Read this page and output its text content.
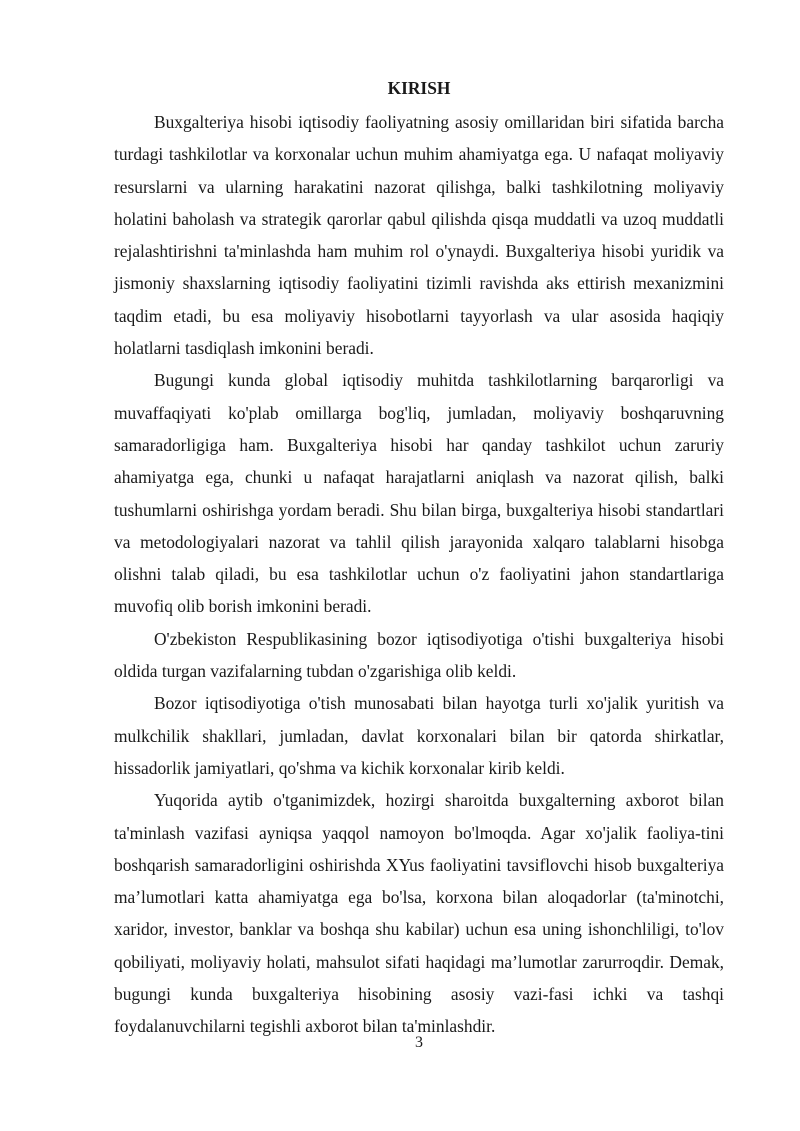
KIRISH

Buxgalteriya hisobi iqtisodiy faoliyatning asosiy omillaridan biri sifatida barcha turdagi tashkilotlar va korxonalar uchun muhim ahamiyatga ega. U nafaqat moliyaviy resurslarni va ularning harakatini nazorat qilishga, balki tashkilotning moliyaviy holatini baholash va strategik qarorlar qabul qilishda qisqa muddatli va uzoq muddatli rejalashtirishni ta'minlashda ham muhim rol o'ynaydi. Buxgalteriya hisobi yuridik va jismoniy shaxslarning iqtisodiy faoliyatini tizimli ravishda aks ettirish mexanizmini taqdim etadi, bu esa moliyaviy hisobotlarni tayyorlash va ular asosida haqiqiy holatlarni tasdiqlash imkonini beradi.

Bugungi kunda global iqtisodiy muhitda tashkilotlarning barqarorligi va muvaffaqiyati ko'plab omillarga bog'liq, jumladan, moliyaviy boshqaruvning samaradorligiga ham. Buxgalteriya hisobi har qanday tashkilot uchun zaruriy ahamiyatga ega, chunki u nafaqat harajatlarni aniqlash va nazorat qilish, balki tushumlarni oshirishga yordam beradi. Shu bilan birga, buxgalteriya hisobi standartlari va metodologiyalari nazorat va tahlil qilish jarayonida xalqaro talablarni hisobga olishni talab qiladi, bu esa tashkilotlar uchun o'z faoliyatini jahon standartlariga muvofiq olib borish imkonini beradi.

O'zbekiston Respublikasining bozor iqtisodiyotiga o'tishi buxgalteriya hisobi oldida turgan vazifalarning tubdan o'zgarishiga olib keldi.

Bozor iqtisodiyotiga o'tish munosabati bilan hayotga turli xo'jalik yuritish va mulkchilik shakllari, jumladan, davlat korxonalari bilan bir qatorda shirkatlar, hissadorlik jamiyatlari, qo'shma va kichik korxonalar kirib keldi.

Yuqorida aytib o'tganimizdek, hozirgi sharoitda buxgalterning axborot bilan ta'minlash vazifasi ayniqsa yaqqol namoyon bo'lmoqda. Agar xo'jalik faoliya-tini boshqarish samaradorligini oshirishda XYus faoliyatini tavsiflovchi hisob buxgalteriya ma’lumotlari katta ahamiyatga ega bo'lsa, korxona bilan aloqadorlar (ta'minotchi, xaridor, investor, banklar va boshqa shu kabilar) uchun esa uning ishonchliligi, to'lov qobiliyati, moliyaviy holati, mahsulot sifati haqidagi ma’lumotlar zarurroqdir. Demak, bugungi kunda buxgalteriya hisobining asosiy vazi-fasi ichki va tashqi foydalanuvchilarni tegishli axborot bilan ta'minlashdir.

3
